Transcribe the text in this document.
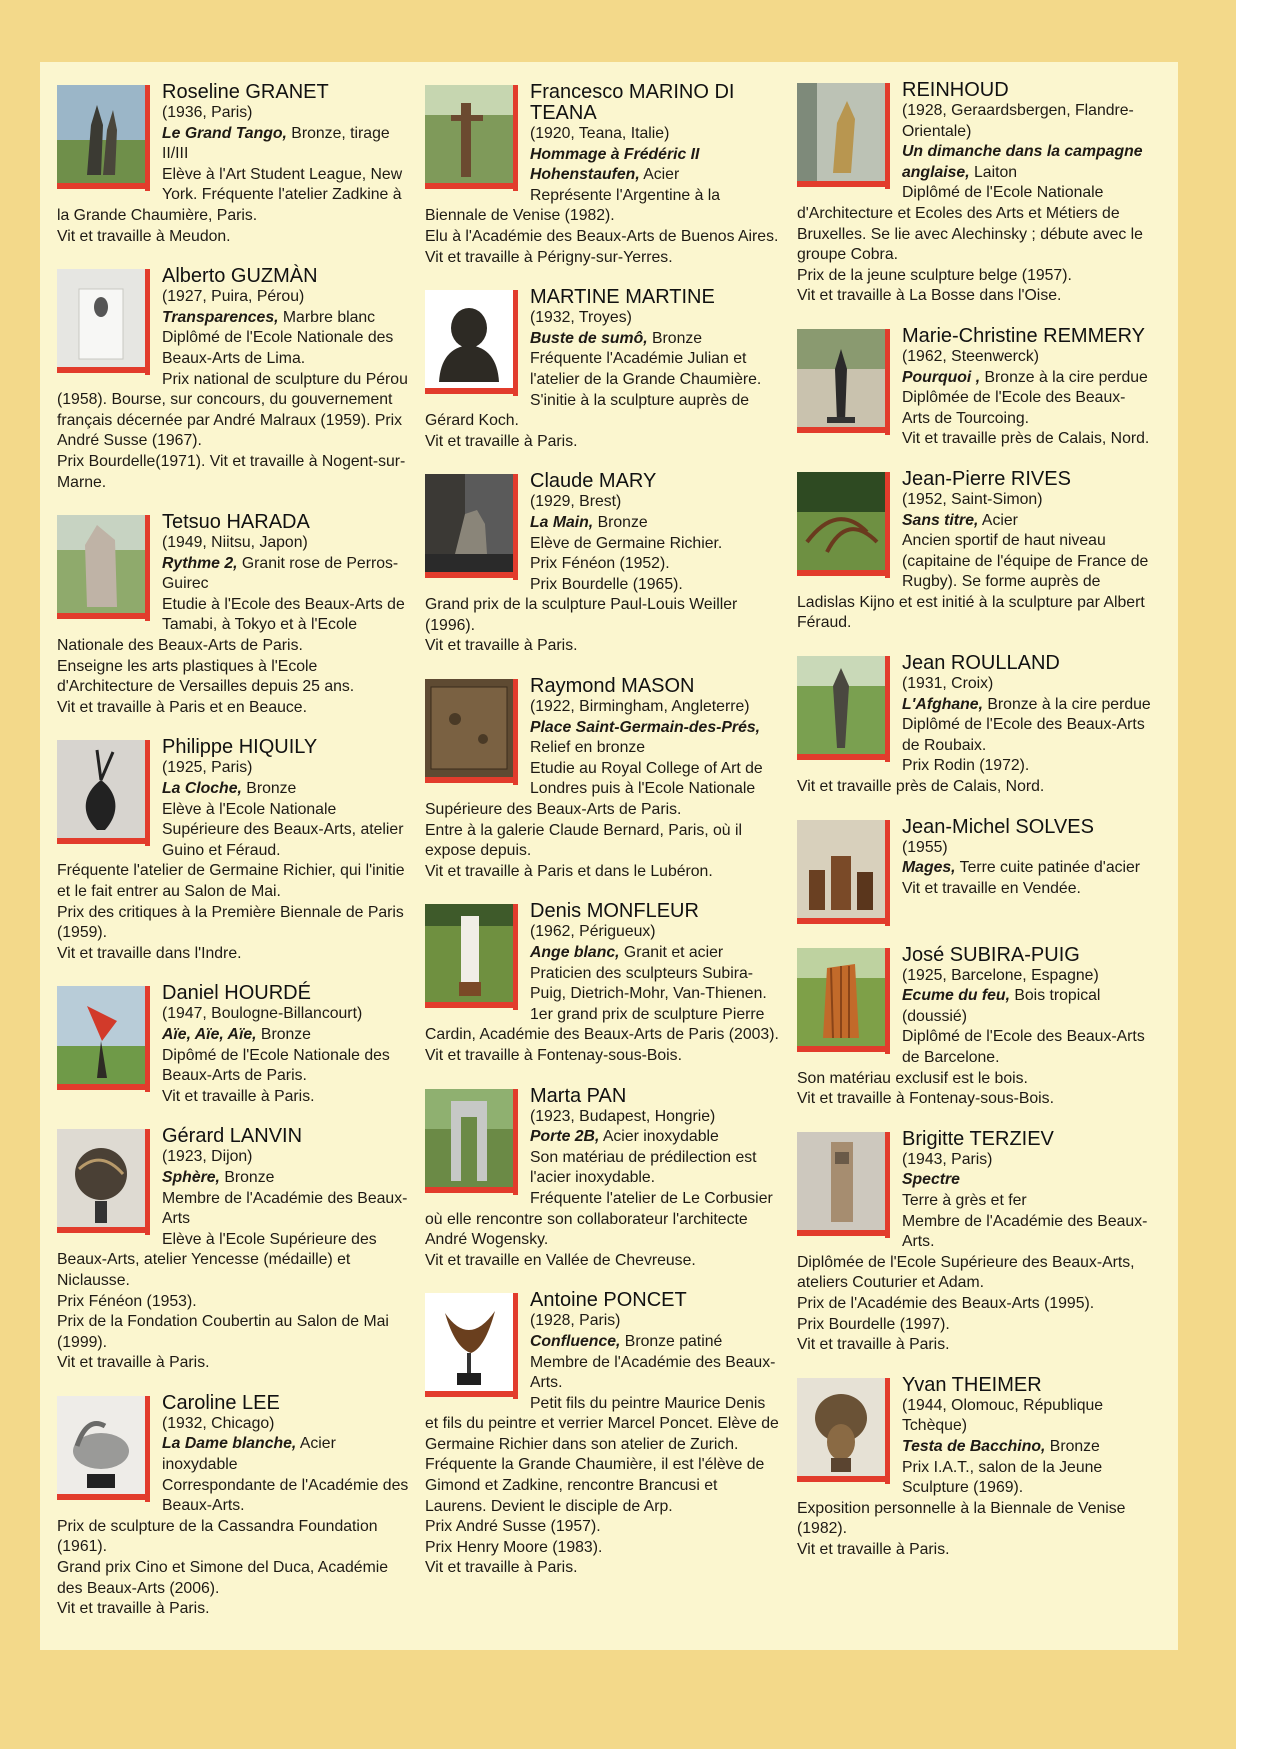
Roseline GRANET
(1936, Paris)
Le Grand Tango, Bronze, tirage II/III
Elève à l'Art Student League, New York. Fréquente l'atelier Zadkine à la Grande Chaumière, Paris.
Vit et travaille à Meudon.
Alberto GUZMÀN
(1927, Puira, Pérou)
Transparences, Marbre blanc
Diplômé de l'Ecole Nationale des Beaux-Arts de Lima.
Prix national de sculpture du Pérou (1958). Bourse, sur concours, du gouvernement français décernée par André Malraux (1959). Prix André Susse (1967).
Prix Bourdelle(1971). Vit et travaille à Nogent-sur-Marne.
Tetsuo HARADA
(1949, Niitsu, Japon)
Rythme 2, Granit rose de Perros-Guirec
Etudie à l'Ecole des Beaux-Arts de Tamabi, à Tokyo et à l'Ecole Nationale des Beaux-Arts de Paris.
Enseigne les arts plastiques à l'Ecole d'Architecture de Versailles depuis 25 ans.
Vit et travaille à Paris et en Beauce.
Philippe HIQUILY
(1925, Paris)
La Cloche, Bronze
Elève à l'Ecole Nationale Supérieure des Beaux-Arts, atelier Guino et Féraud.
Fréquente l'atelier de Germaine Richier, qui l'initie et le fait entrer au Salon de Mai.
Prix des critiques à la Première Biennale de Paris (1959).
Vit et travaille dans l'Indre.
Daniel HOURDÉ
(1947, Boulogne-Billancourt)
Aïe, Aïe, Aïe, Bronze
Dipômé de l'Ecole Nationale des Beaux-Arts de Paris.
Vit et travaille à Paris.
Gérard LANVIN
(1923, Dijon)
Sphère, Bronze
Membre de l'Académie des Beaux-Arts
Elève à l'Ecole Supérieure des Beaux-Arts, atelier Yencesse (médaille) et Niclausse.
Prix Fénéon (1953).
Prix de la Fondation Coubertin au Salon de Mai (1999).
Vit et travaille à Paris.
Caroline LEE
(1932, Chicago)
La Dame blanche, Acier inoxydable
Correspondante de l'Académie des Beaux-Arts.
Prix de sculpture de la Cassandra Foundation (1961).
Grand prix Cino et Simone del Duca, Académie des Beaux-Arts (2006).
Vit et travaille à Paris.
Francesco MARINO DI TEANA
(1920, Teana, Italie)
Hommage à Frédéric II Hohenstaufen, Acier
Représente l'Argentine à la Biennale de Venise (1982).
Elu à l'Académie des Beaux-Arts de Buenos Aires. Vit et travaille à Périgny-sur-Yerres.
MARTINE MARTINE
(1932, Troyes)
Buste de sumô, Bronze
Fréquente l'Académie Julian et l'atelier de la Grande Chaumière.
S'initie à la sculpture auprès de Gérard Koch.
Vit et travaille à Paris.
Claude MARY
(1929, Brest)
La Main, Bronze
Elève de Germaine Richier.
Prix Fénéon (1952).
Prix Bourdelle (1965).
Grand prix de la sculpture Paul-Louis Weiller (1996).
Vit et travaille à Paris.
Raymond MASON
(1922, Birmingham, Angleterre)
Place Saint-Germain-des-Prés, Relief en bronze
Etudie au Royal College of Art de Londres puis à l'Ecole Nationale Supérieure des Beaux-Arts de Paris.
Entre à la galerie Claude Bernard, Paris, où il expose depuis.
Vit et travaille à Paris et dans le Lubéron.
Denis MONFLEUR
(1962, Périgueux)
Ange blanc, Granit et acier
Praticien des sculpteurs Subira-Puig, Dietrich-Mohr, Van-Thienen.
1er grand prix de sculpture Pierre Cardin, Académie des Beaux-Arts de Paris (2003).
Vit et travaille à Fontenay-sous-Bois.
Marta PAN
(1923, Budapest, Hongrie)
Porte 2B, Acier inoxydable
Son matériau de prédilection est l'acier inoxydable.
Fréquente l'atelier de Le Corbusier où elle rencontre son collaborateur l'architecte André Wogensky.
Vit et travaille en Vallée de Chevreuse.
Antoine PONCET
(1928, Paris)
Confluence, Bronze patiné
Membre de l'Académie des Beaux-Arts.
Petit fils du peintre Maurice Denis et fils du peintre et verrier Marcel Poncet. Elève de Germaine Richier dans son atelier de Zurich.
Fréquente la Grande Chaumière, il est l'élève de Gimond et Zadkine, rencontre Brancusi et Laurens. Devient le disciple de Arp.
Prix André Susse (1957).
Prix Henry Moore (1983).
Vit et travaille à Paris.
REINHOUD
(1928, Geraardsbergen, Flandre-Orientale)
Un dimanche dans la campagne anglaise, Laiton
Diplômé de l'Ecole Nationale d'Architecture et Ecoles des Arts et Métiers de Bruxelles. Se lie avec Alechinsky ; débute avec le groupe Cobra.
Prix de la jeune sculpture belge (1957).
Vit et travaille à La Bosse dans l'Oise.
Marie-Christine REMMERY
(1962, Steenwerck)
Pourquoi , Bronze à la cire perdue
Diplômée de l'Ecole des Beaux-Arts de Tourcoing.
Vit et travaille près de Calais, Nord.
Jean-Pierre RIVES
(1952, Saint-Simon)
Sans titre, Acier
Ancien sportif de haut niveau (capitaine de l'équipe de France de Rugby). Se forme auprès de Ladislas Kijno et est initié à la sculpture par Albert Féraud.
Jean ROULLAND
(1931, Croix)
L'Afghane, Bronze à la cire perdue
Diplômé de l'Ecole des Beaux-Arts de Roubaix.
Prix Rodin (1972).
Vit et travaille près de Calais, Nord.
Jean-Michel SOLVES
(1955)
Mages, Terre cuite patinée d'acier
Vit et travaille en Vendée.
José SUBIRA-PUIG
(1925, Barcelone, Espagne)
Ecume du feu, Bois tropical (doussié)
Diplômé de l'Ecole des Beaux-Arts de Barcelone.
Son matériau exclusif est le bois.
Vit et travaille à Fontenay-sous-Bois.
Brigitte TERZIEV
(1943, Paris)
Spectre
Terre à grès et fer
Membre de l'Académie des Beaux-Arts.
Diplômée de l'Ecole Supérieure des Beaux-Arts, ateliers Couturier et Adam.
Prix de l'Académie des Beaux-Arts (1995).
Prix Bourdelle (1997).
Vit et travaille à Paris.
Yvan THEIMER
(1944, Olomouc, République Tchèque)
Testa de Bacchino, Bronze
Prix I.A.T., salon de la Jeune Sculpture (1969).
Exposition personnelle à la Biennale de Venise (1982).
Vit et travaille à Paris.
